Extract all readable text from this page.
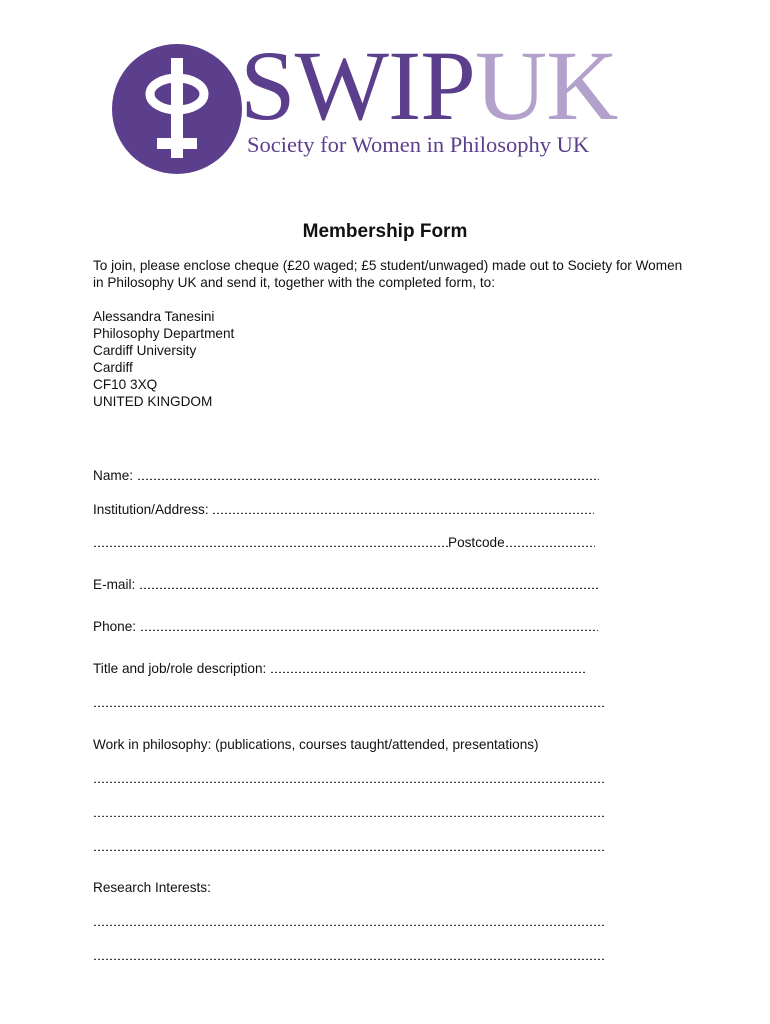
SWIPUK
Society for Women in Philosophy UK
Membership Form
To join, please enclose cheque (£20 waged; £5 student/unwaged) made out to Society for Women in Philosophy UK and send it, together with the completed form, to:
Alessandra Tanesini
Philosophy Department
Cardiff University
Cardiff
CF10 3XQ
UNITED KINGDOM
Name:
Institution/Address:
Postcode
E-mail:
Phone:
Title and job/role description:
Work in philosophy: (publications, courses taught/attended, presentations)
Research Interests:
